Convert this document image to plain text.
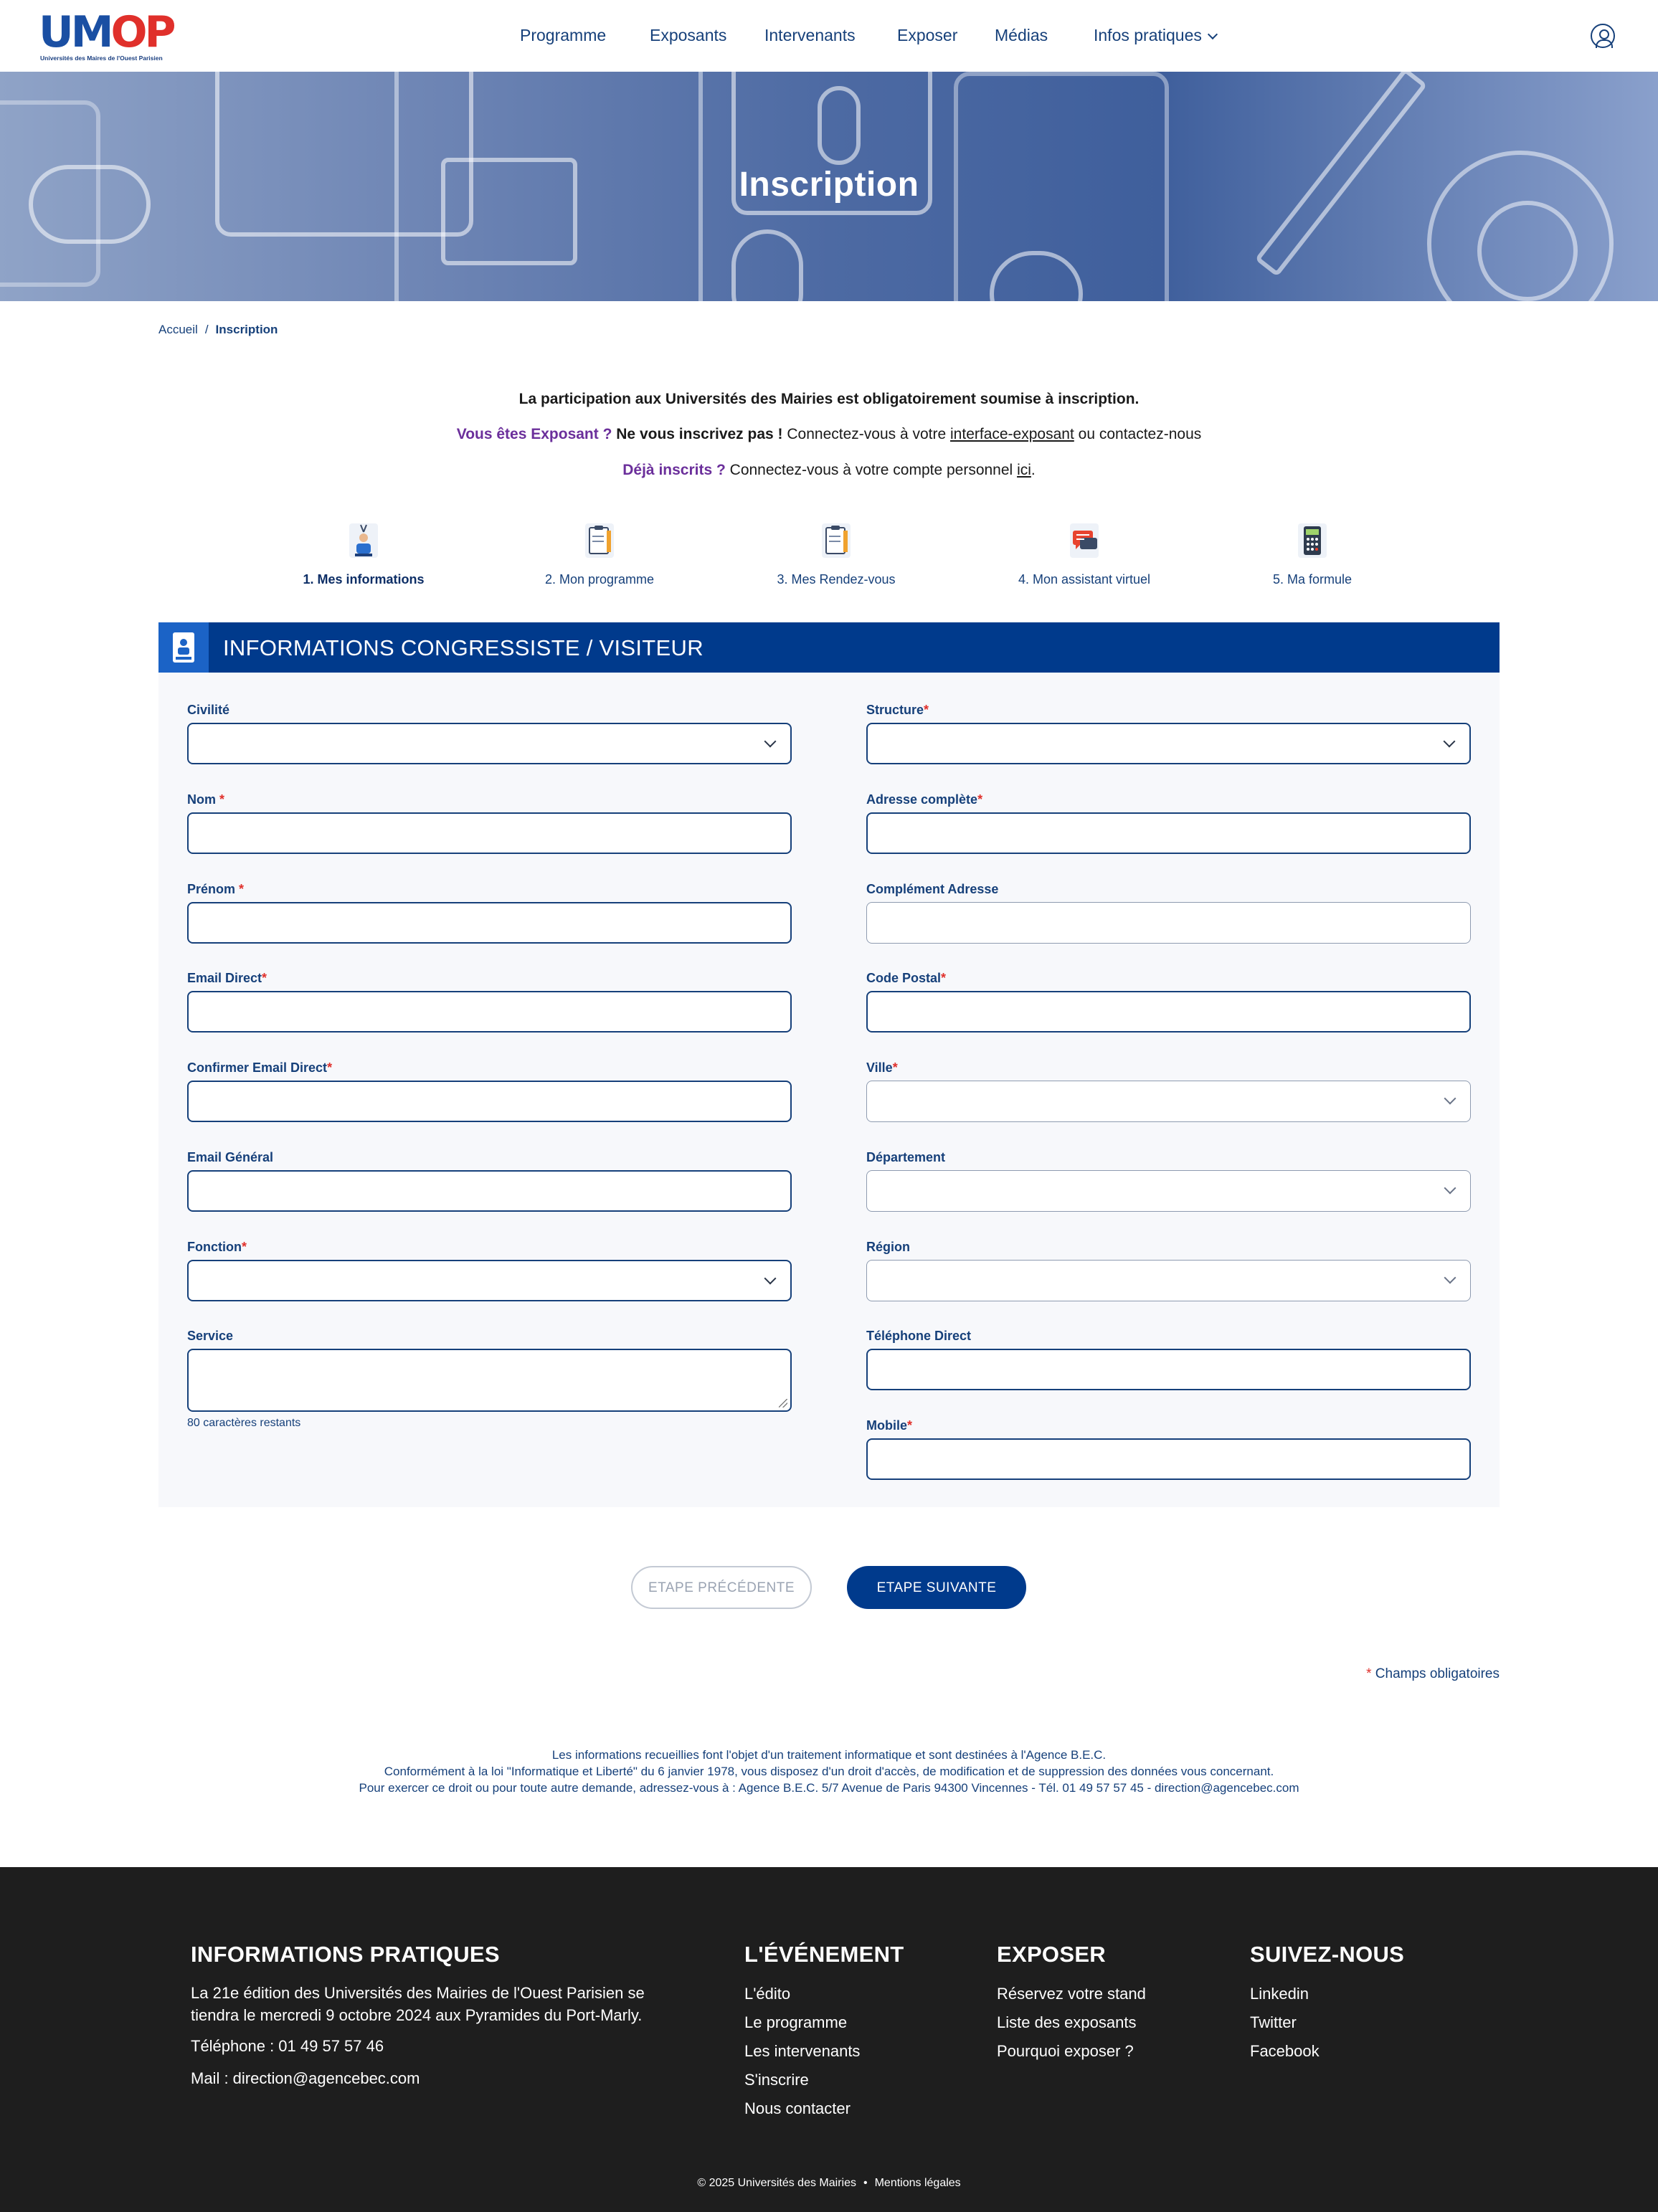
UMOP
Universités des Maires de l'Ouest Parisien
Programme	Exposants Intervenants	Exposer Médias	Infos pratiques
Inscription
Accueil / Inscription
La participation aux Universités des Mairies est obligatoirement soumise à inscription.
Vous êtes Exposant ? Ne vous inscrivez pas ! Connectez-vous à votre interface-exposant ou contactez-nous
Déjà inscrits ? Connectez-vous à votre compte personnel ici.
1. Mes informations	2. Mon programme	3. Mes Rendez-vous	4. Mon assistant virtuel	5. Ma formule
INFORMATIONS CONGRESSISTE / VISITEUR
Civilité
Nom *
Prénom *
Email Direct*
Confirmer Email Direct*
Email Général
Fonction*
Service
80 caractères restants
Structure*
Adresse complète*
Complément Adresse
Code Postal*
Ville*
Département
Région
Téléphone Direct
Mobile*
ETAPE PRÉCÉDENTE	ETAPE SUIVANTE
* Champs obligatoires
Les informations recueillies font l'objet d'un traitement informatique et sont destinées à l'Agence B.E.C.
Conformément à la loi "Informatique et Liberté" du 6 janvier 1978, vous disposez d'un droit d'accès, de modification et de suppression des données vous concernant.
Pour exercer ce droit ou pour toute autre demande, adressez-vous à : Agence B.E.C. 5/7 Avenue de Paris 94300 Vincennes - Tél. 01 49 57 57 45 - direction@agencebec.com
INFORMATIONS PRATIQUES
La 21e édition des Universités des Mairies de l'Ouest Parisien se tiendra le mercredi 9 octobre 2024 aux Pyramides du Port-Marly.
Téléphone : 01 49 57 57 46
Mail : direction@agencebec.com
L'ÉVÉNEMENT
L'édito
Le programme
Les intervenants
S'inscrire
Nous contacter
EXPOSER
Réservez votre stand
Liste des exposants
Pourquoi exposer ?
SUIVEZ-NOUS
Linkedin
Twitter
Facebook
© 2025 Universités des Mairies • Mentions légales
